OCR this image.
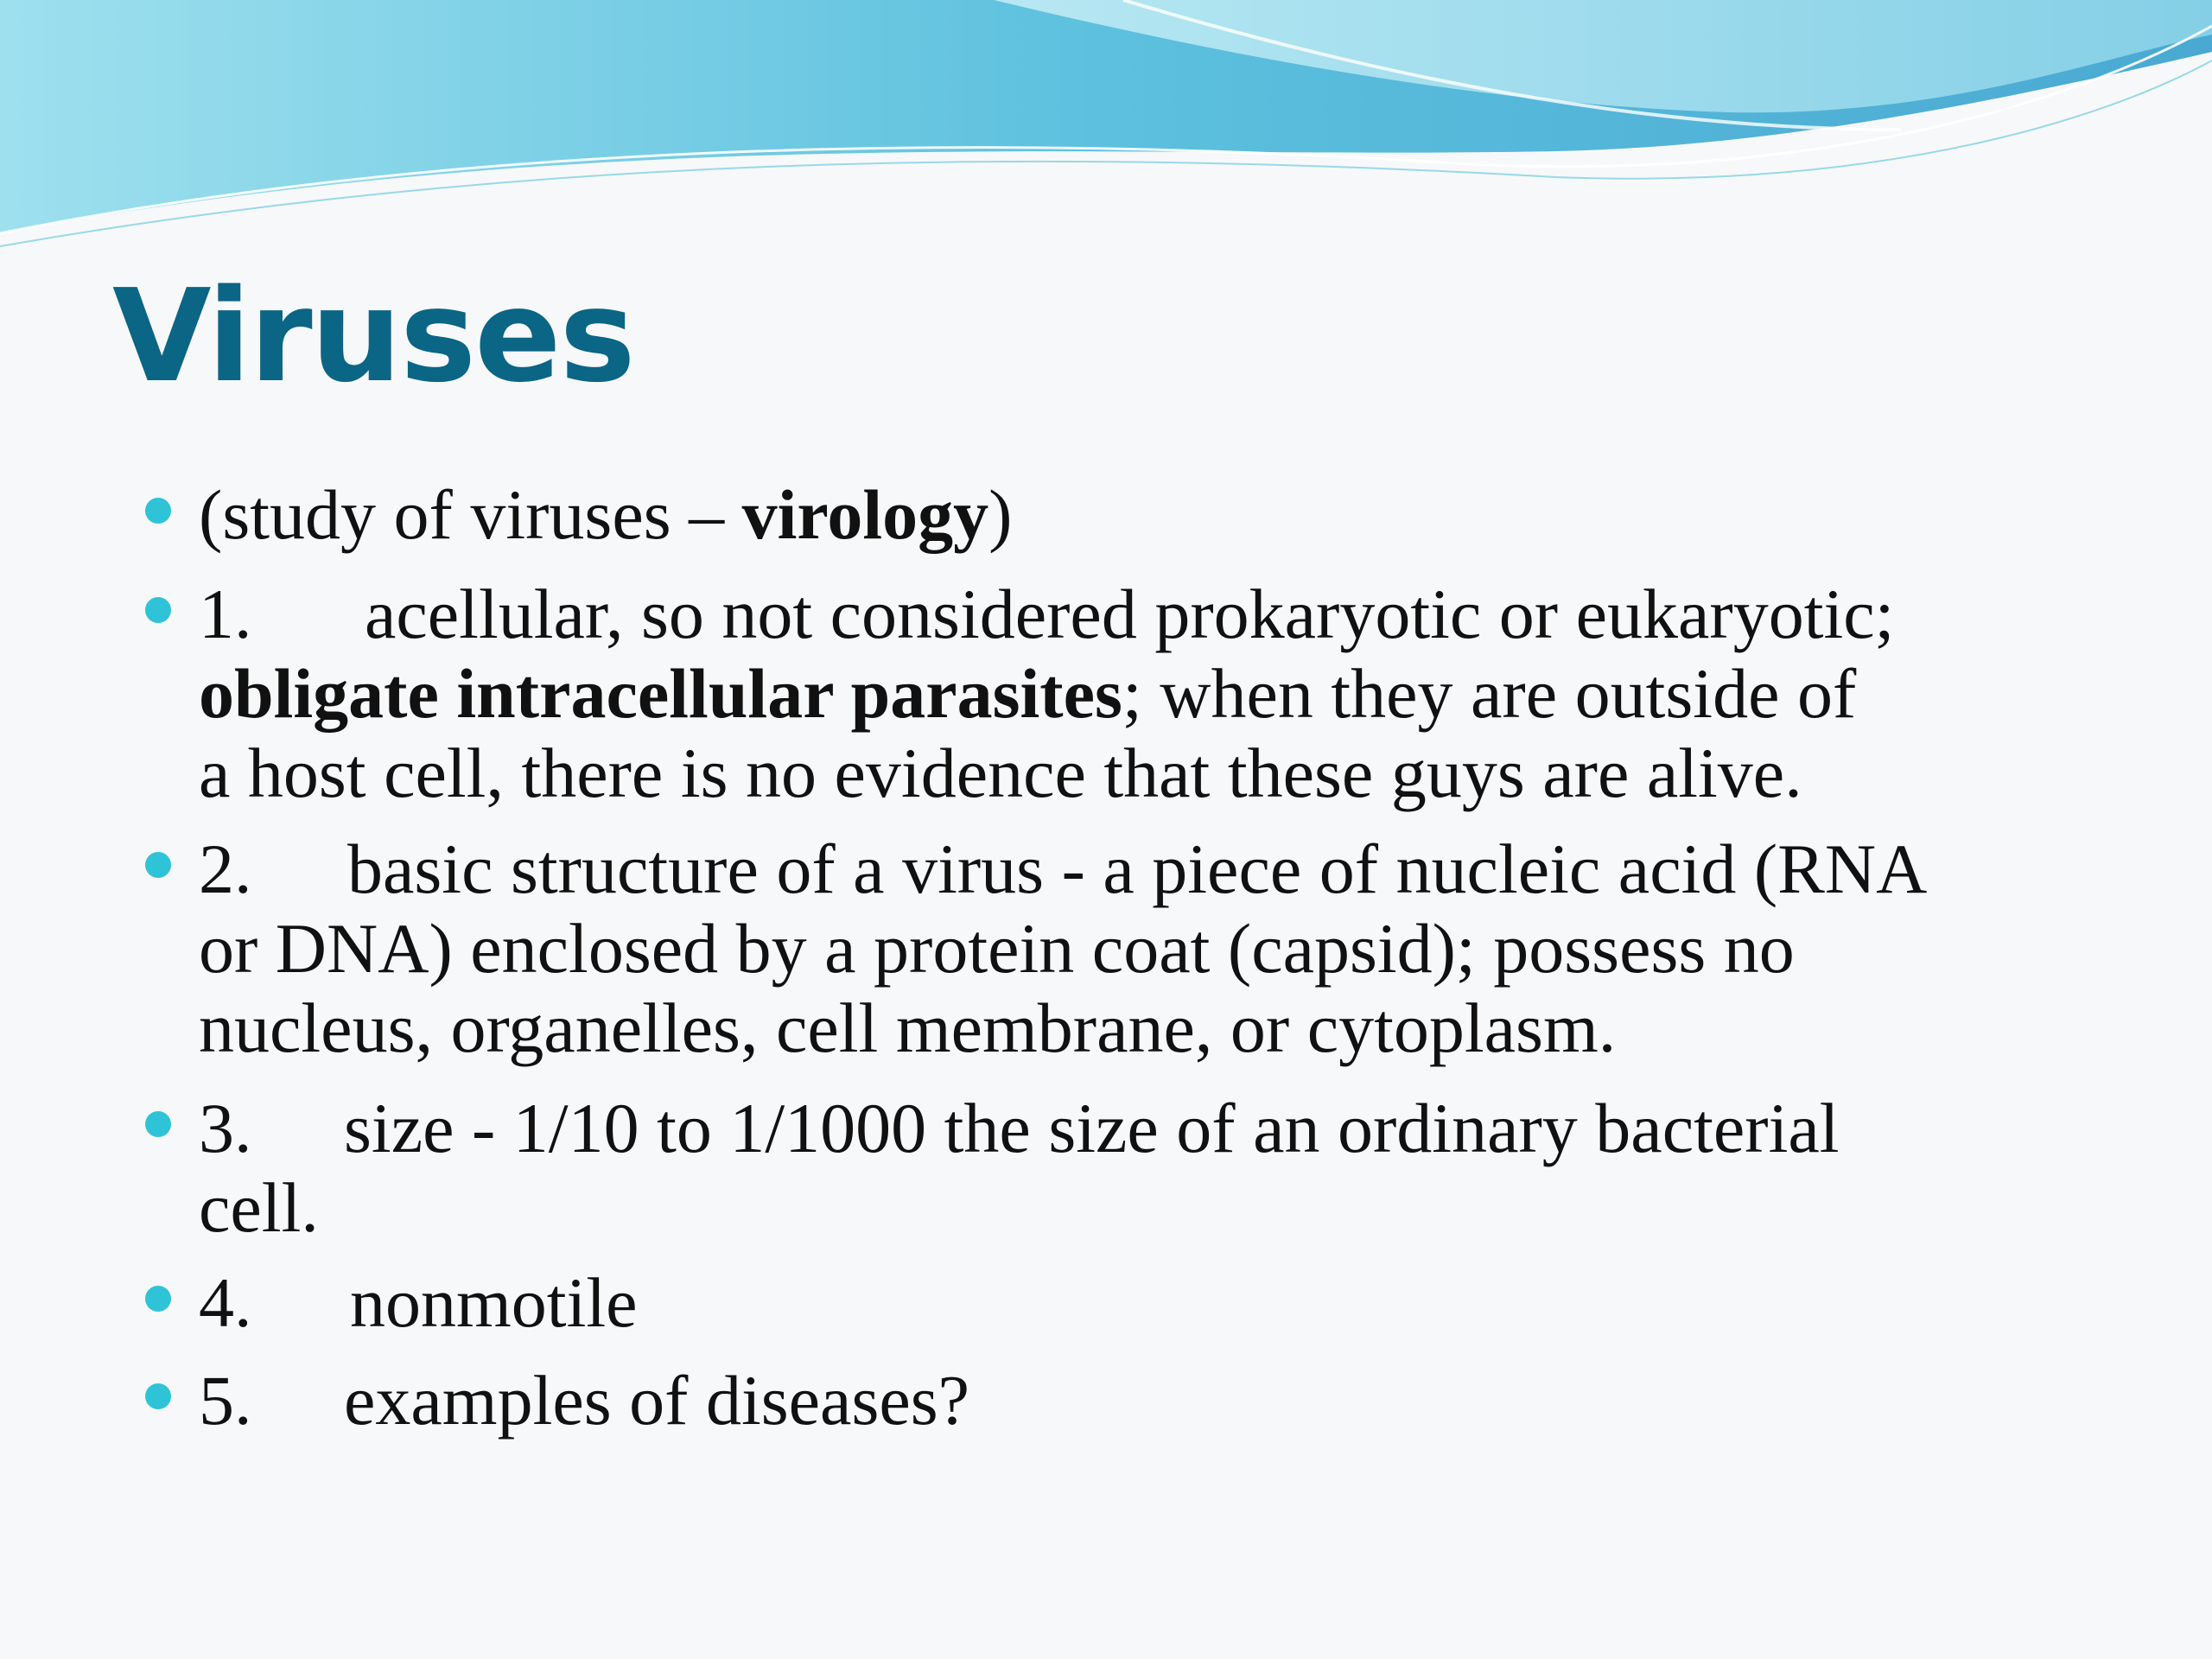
Viruses
(study of viruses – virology)
1. acellular, so not considered prokaryotic or eukaryotic;
obligate intracellular parasites; when they are outside of
a host cell, there is no evidence that these guys are alive.
2. basic structure of a virus - a piece of nucleic acid (RNA
or DNA) enclosed by a protein coat (capsid); possess no
nucleus, organelles, cell membrane, or cytoplasm.
3. size - 1/10 to 1/1000 the size of an ordinary bacterial
cell.
4. nonmotile
5. examples of diseases?
